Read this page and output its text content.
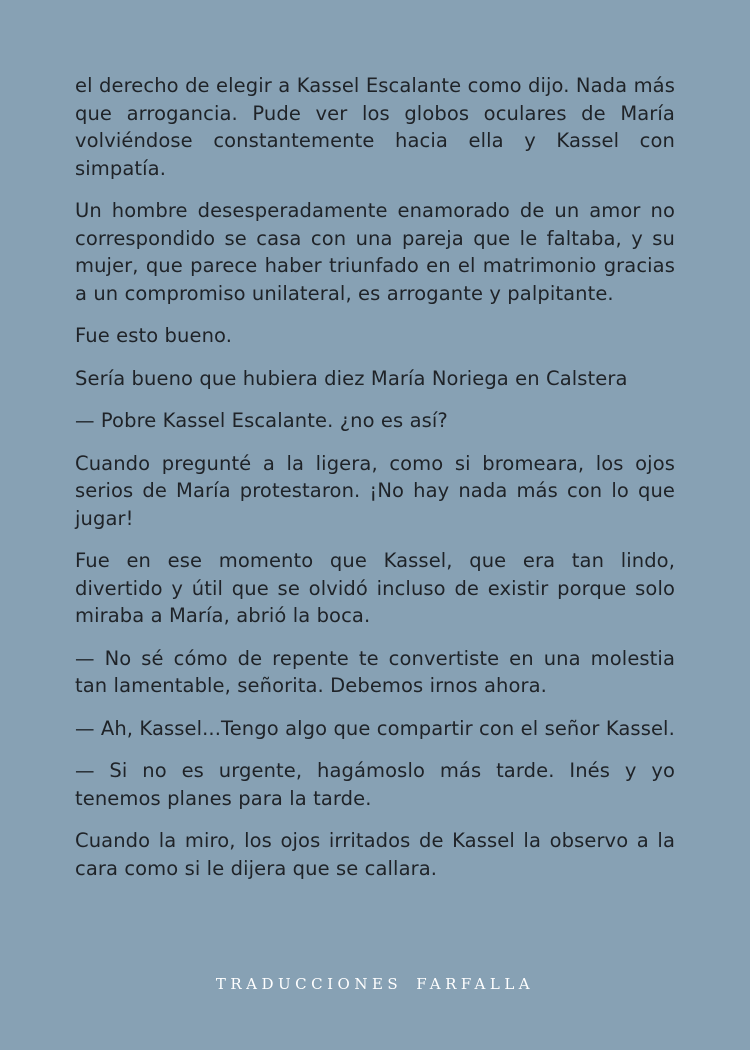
el derecho de elegir a Kassel Escalante como dijo. Nada más que arrogancia. Pude ver los globos oculares de María volviéndose constantemente hacia ella y Kassel con simpatía.

Un hombre desesperadamente enamorado de un amor no correspondido se casa con una pareja que le faltaba, y su mujer, que parece haber triunfado en el matrimonio gracias a un compromiso unilateral, es arrogante y palpitante.

Fue esto bueno.

Sería bueno que hubiera diez María Noriega en Calstera

— Pobre Kassel Escalante. ¿no es así?

Cuando pregunté a la ligera, como si bromeara, los ojos serios de María protestaron. ¡No hay nada más con lo que jugar!

Fue en ese momento que Kassel, que era tan lindo, divertido y útil que se olvidó incluso de existir porque solo miraba a María, abrió la boca.

— No sé cómo de repente te convertiste en una molestia tan lamentable, señorita. Debemos irnos ahora.

— Ah, Kassel...Tengo algo que compartir con el señor Kassel.

— Si no es urgente, hagámoslo más tarde. Inés y yo tenemos planes para la tarde.

Cuando la miro, los ojos irritados de Kassel la observo a la cara como si le dijera que se callara.

TRADUCCIONES FARFALLA
